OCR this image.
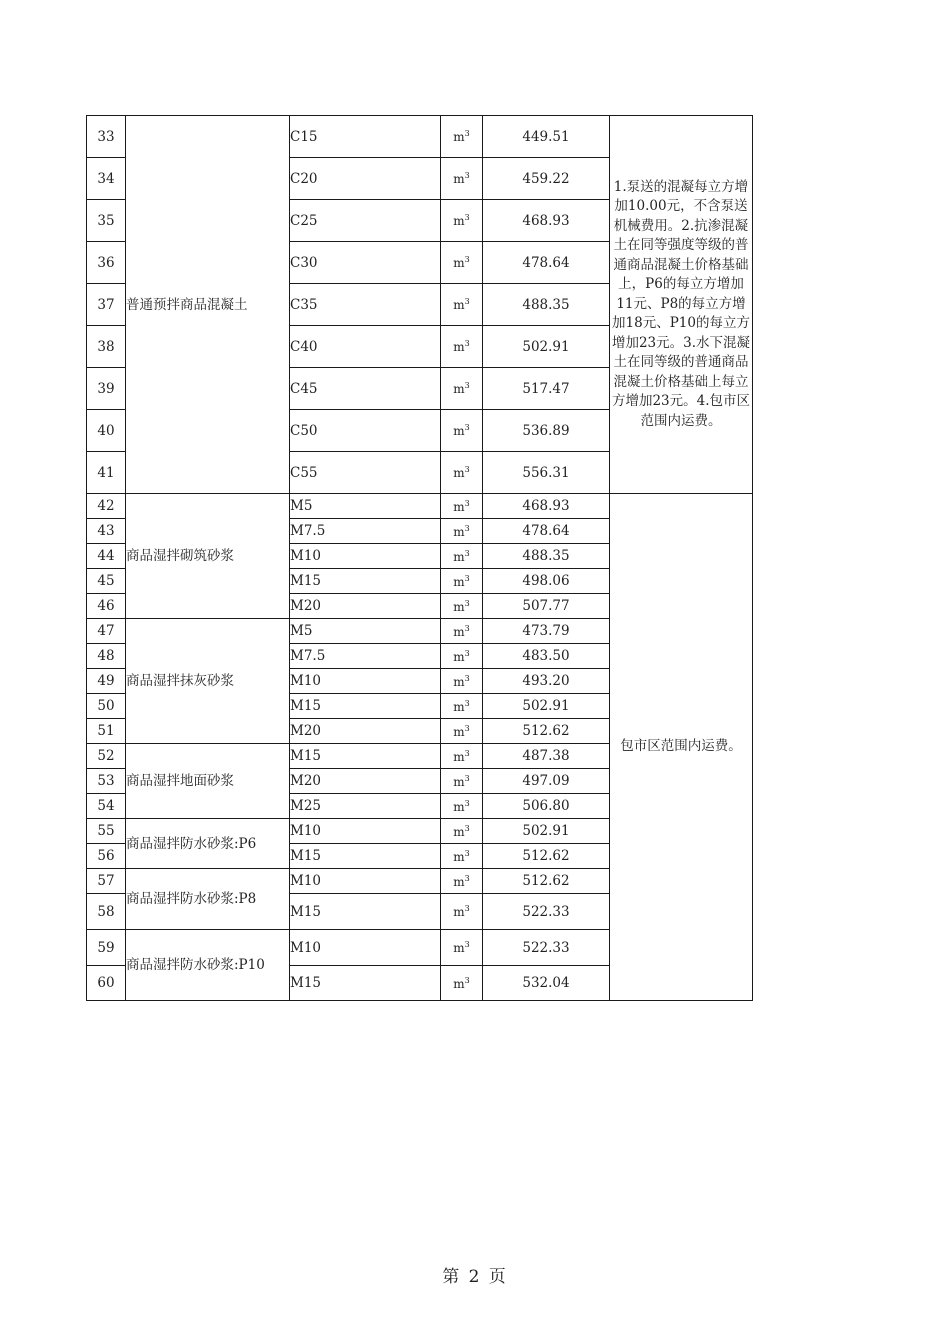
33	普通预拌商品混凝土	C15	$m^3$	449.51	1.泵送的混凝每立方增加10.00元，不含泵送机械费用。2.抗渗混凝土在同等强度等级的普通商品混凝土价格基础上，P6的每立方增加11元、P8的每立方增加18元、P10的每立方增加23元。3.水下混凝土在同等级的普通商品混凝土价格基础上每立方增加23元。4.包市区范围内运费。
34		C20	$m^3$	459.22	
35		C25	$m^3$	468.93	
36		C30	$m^3$	478.64	
37		C35	$m^3$	488.35	
38		C40	$m^3$	502.91	
39		C45	$m^3$	517.47	
40		C50	$m^3$	536.89	
41		C55	$m^3$	556.31	
42	商品湿拌砌筑砂浆	M5	$m^3$	468.93	包市区范围内运费。
43		M7.5	$m^3$	478.64	
44		M10	$m^3$	488.35	
45		M15	$m^3$	498.06	
46		M20	$m^3$	507.77	
47	商品湿拌抹灰砂浆	M5	$m^3$	473.79	
48		M7.5	$m^3$	483.50	
49		M10	$m^3$	493.20	
50		M15	$m^3$	502.91	
51		M20	$m^3$	512.62	
52	商品湿拌地面砂浆	M15	$m^3$	487.38	
53		M20	$m^3$	497.09	
54		M25	$m^3$	506.80	
55	商品湿拌防水砂浆:P6	M10	$m^3$	502.91	
56		M15	$m^3$	512.62	
57	商品湿拌防水砂浆:P8	M10	$m^3$	512.62	
58		M15	$m^3$	522.33	
59	商品湿拌防水砂浆:P10	M10	$m^3$	522.33	
60		M15	$m^3$	532.04	
第 2 页
